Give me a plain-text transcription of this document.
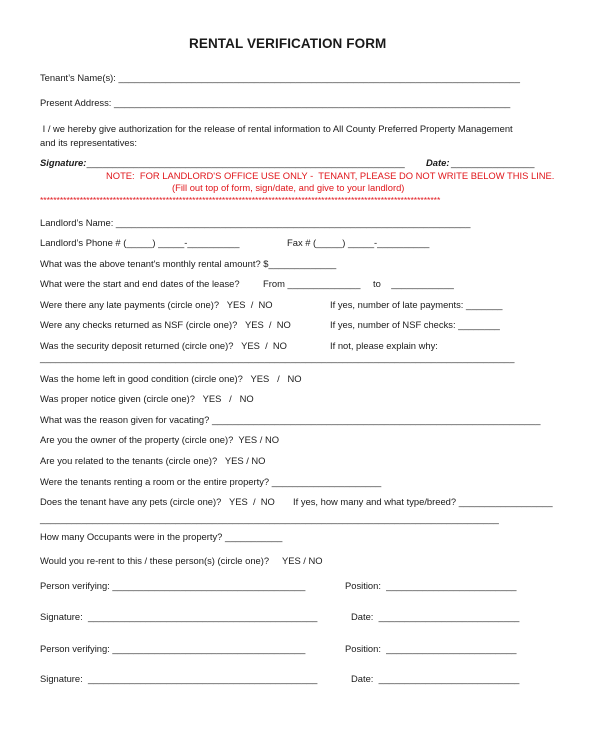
RENTAL VERIFICATION FORM
Tenant’s Name(s): _____________________________________________________________________________
Present Address: ____________________________________________________________________________
I / we hereby give authorization for the release of rental information to All County Preferred Property Management
and its representatives:
Signature:
_____________________________________________________________ Date: ________________
NOTE:  FOR LANDLORD'S OFFICE USE ONLY -  TENANT, PLEASE DO NOT WRITE BELOW THIS LINE.
(Fill out top of form, sign/date, and give to your landlord)
*************************************************************************************************************************
Landlord’s Name: ____________________________________________________________________
Landlord’s Phone # (_____) _____-__________	Fax # (_____) _____-__________
What was the above tenant's monthly rental amount? $_____________
What were the start and end dates of the lease? From ______________ to    ____________
Were there any late payments (circle one)?   YES  /  NO	If yes, number of late payments: _______
Were any checks returned as NSF (circle one)?   YES  /  NO	If yes, number of NSF checks: ________
Was the security deposit returned (circle one)?   YES  /  NO	If not, please explain why:
___________________________________________________________________________________________
Was the home left in good condition (circle one)?   YES   /   NO
Was proper notice given (circle one)?   YES   /   NO
What was the reason given for vacating? _______________________________________________________________
Are you the owner of the property (circle one)?  YES / NO
Are you related to the tenants (circle one)?   YES / NO
Were the tenants renting a room or the entire property? _____________________
Does the tenant have any pets (circle one)?   YES  /  NO If yes, how many and what type/breed? __________________
________________________________________________________________________________________
How many Occupants were in the property? ___________
Would you re-rent to this / these person(s) (circle one)?     YES / NO
Person verifying: _____________________________________	Position:  _________________________
Signature:  ____________________________________________	Date:  ___________________________
Person verifying: _____________________________________	Position:  _________________________
Signature:  ____________________________________________	Date:  ___________________________
